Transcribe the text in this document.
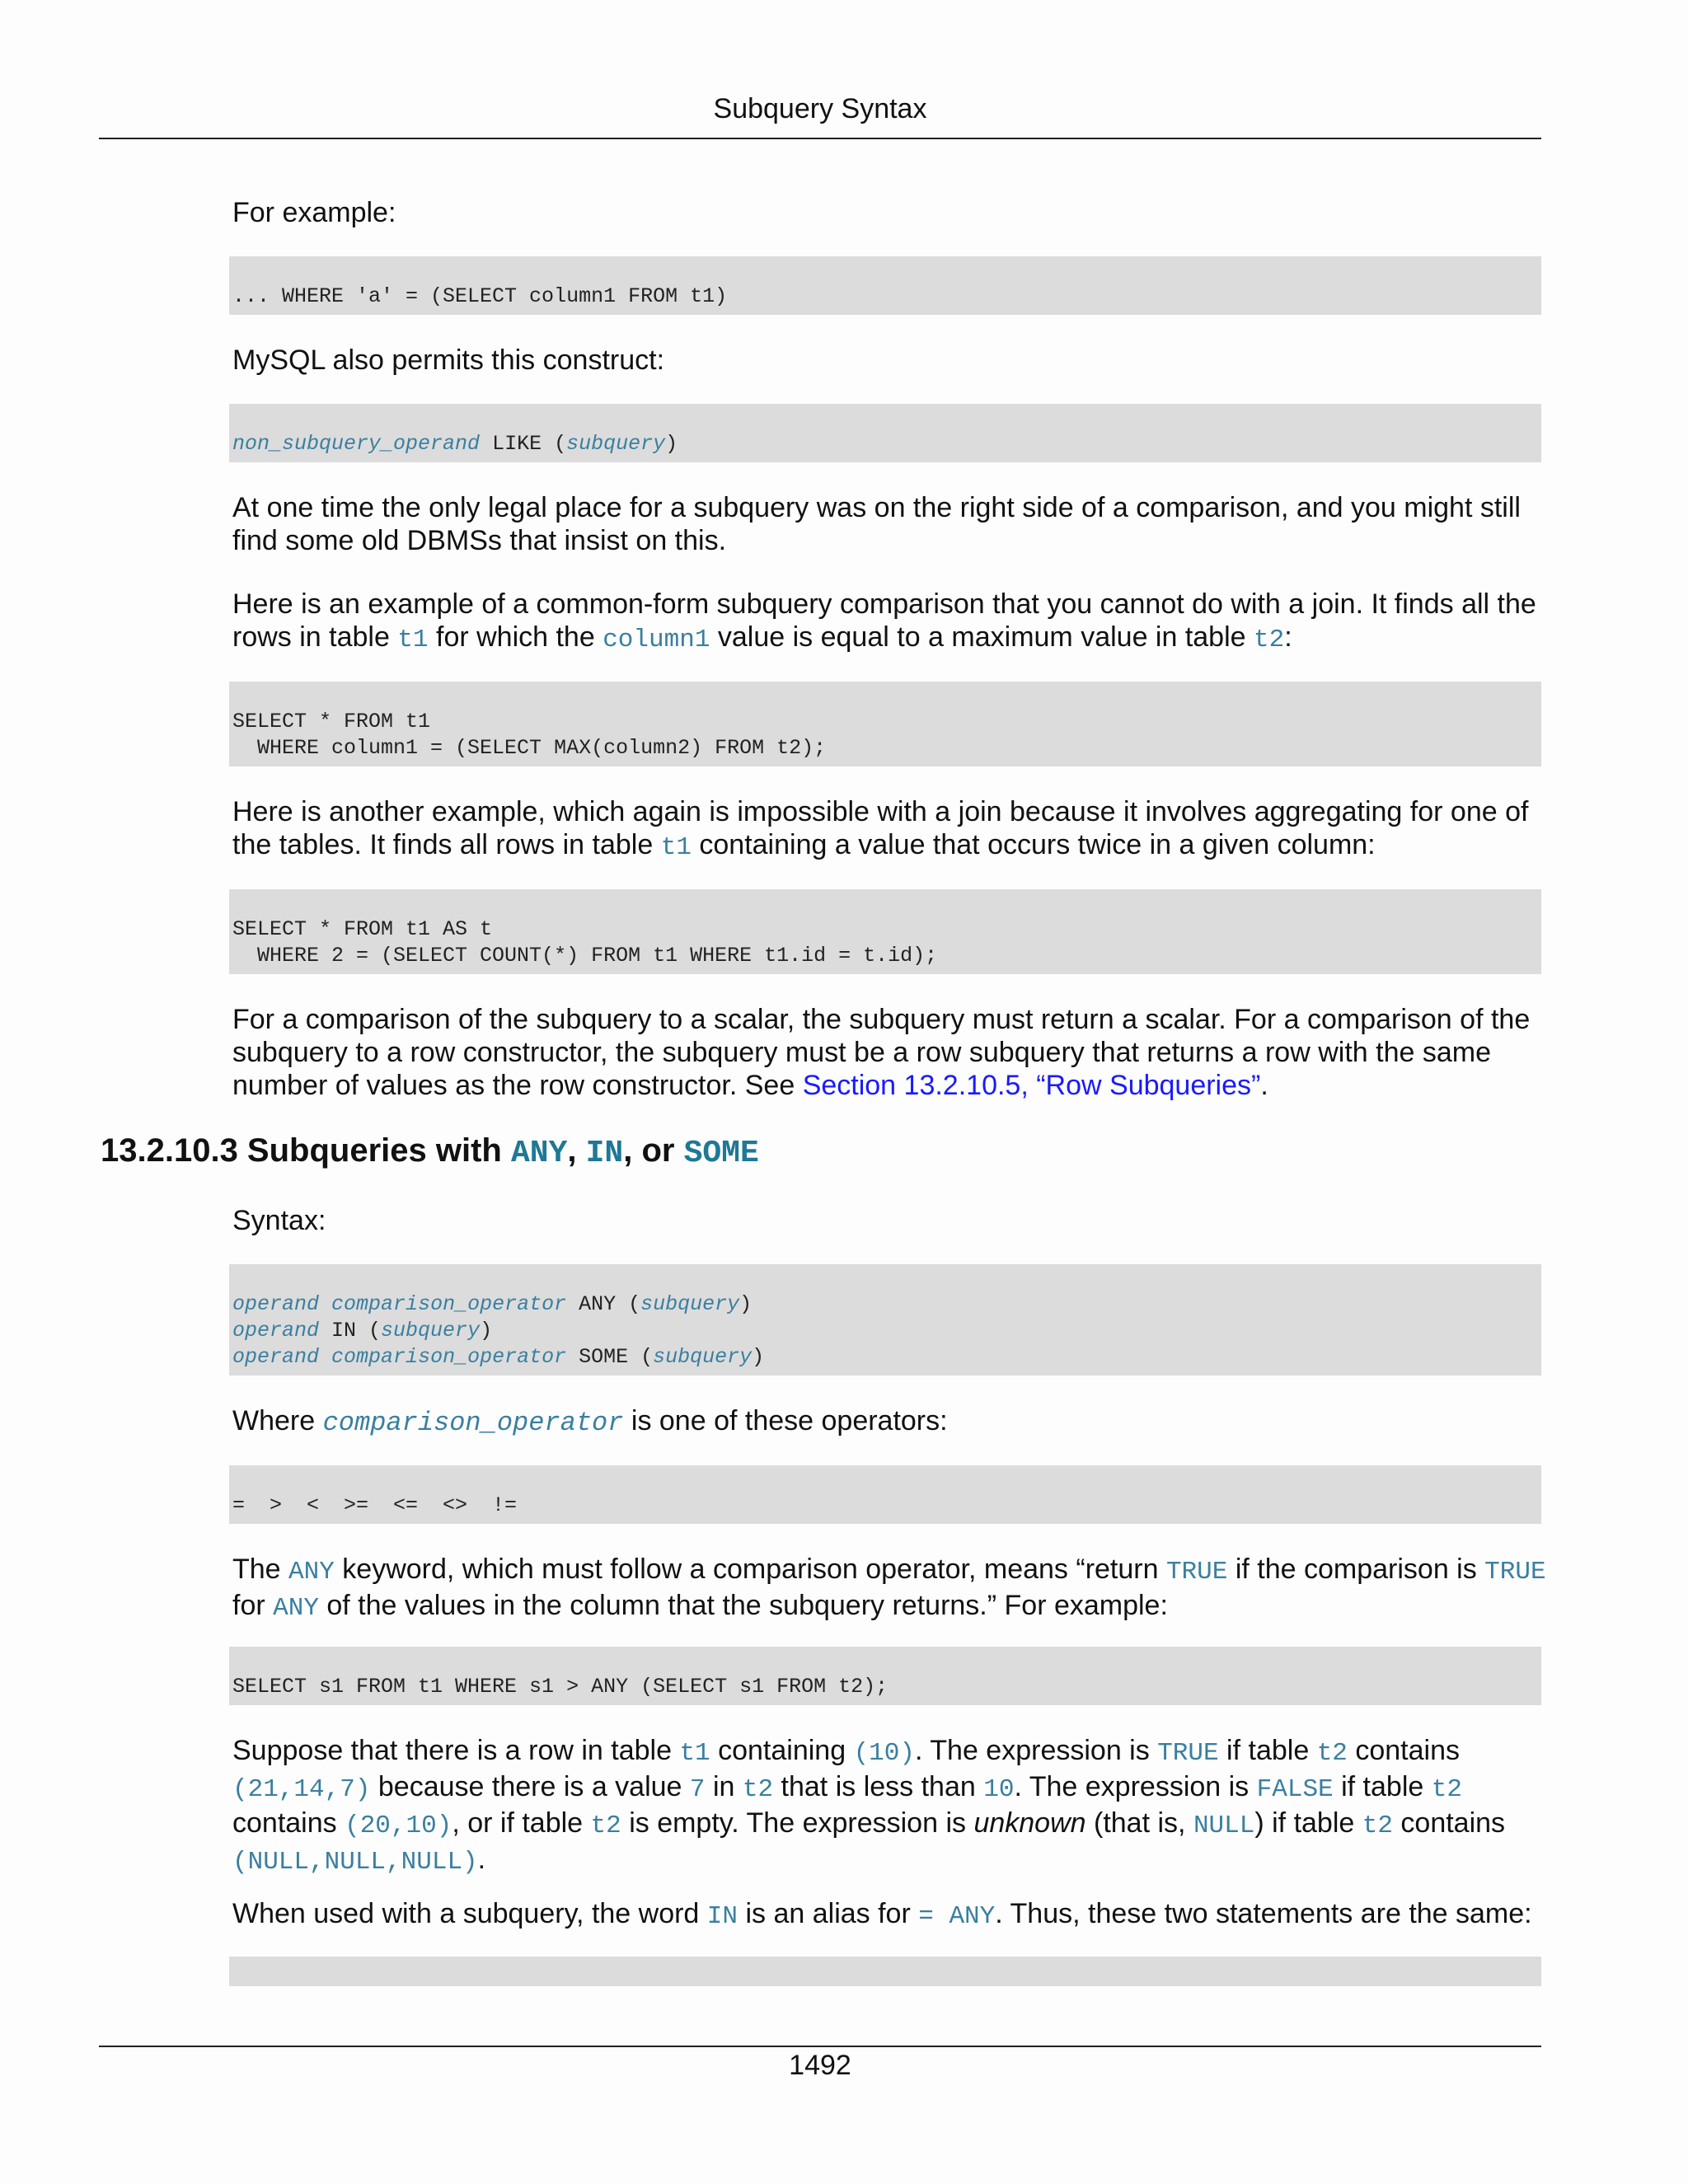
Subquery Syntax

For example:

... WHERE 'a' = (SELECT column1 FROM t1)

MySQL also permits this construct:

non_subquery_operand LIKE (subquery)

At one time the only legal place for a subquery was on the right side of a comparison, and you might still find some old DBMSs that insist on this.

Here is an example of a common-form subquery comparison that you cannot do with a join. It finds all the rows in table t1 for which the column1 value is equal to a maximum value in table t2:

SELECT * FROM t1
WHERE column1 = (SELECT MAX(column2) FROM t2);

Here is another example, which again is impossible with a join because it involves aggregating for one of the tables. It finds all rows in table t1 containing a value that occurs twice in a given column:

SELECT * FROM t1 AS t
WHERE 2 = (SELECT COUNT(*) FROM t1 WHERE t1.id = t.id);

For a comparison of the subquery to a scalar, the subquery must return a scalar. For a comparison of the subquery to a row constructor, the subquery must be a row subquery that returns a row with the same number of values as the row constructor. See Section 13.2.10.5, “Row Subqueries”.

13.2.10.3 Subqueries with ANY, IN, or SOME

Syntax:

operand comparison_operator ANY (subquery)
operand IN (subquery)
operand comparison_operator SOME (subquery)

Where comparison_operator is one of these operators:

=  >  <  >=  <=  <>  !=

The ANY keyword, which must follow a comparison operator, means “return TRUE if the comparison is TRUE for ANY of the values in the column that the subquery returns.” For example:

SELECT s1 FROM t1 WHERE s1 > ANY (SELECT s1 FROM t2);

Suppose that there is a row in table t1 containing (10). The expression is TRUE if table t2 contains (21,14,7) because there is a value 7 in t2 that is less than 10. The expression is FALSE if table t2 contains (20,10), or if table t2 is empty. The expression is unknown (that is, NULL) if table t2 contains (NULL,NULL,NULL).

When used with a subquery, the word IN is an alias for = ANY. Thus, these two statements are the same:

1492
